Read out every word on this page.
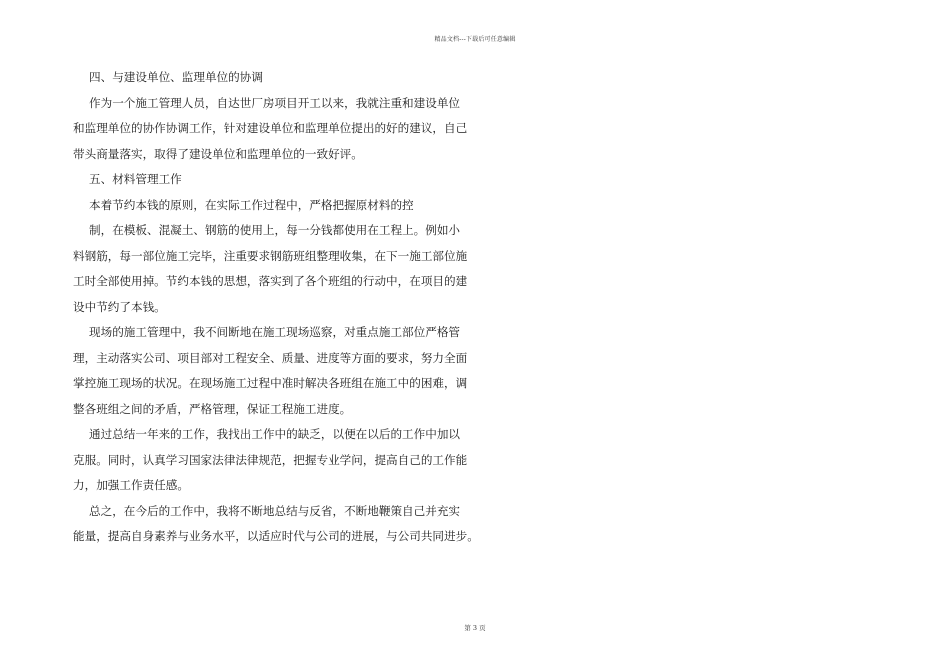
精品文档---下载后可任意编辑
四、与建设单位、监理单位的协调
作为一个施工管理人员，自达世厂房项目开工以来，我就注重和建设单位
和监理单位的协作协调工作，针对建设单位和监理单位提出的好的建议，自己
带头商量落实，取得了建设单位和监理单位的一致好评。
五、材料管理工作
本着节约本钱的原则，在实际工作过程中，严格把握原材料的控
制，在模板、混凝土、钢筋的使用上，每一分钱都使用在工程上。例如小
料钢筋，每一部位施工完毕，注重要求钢筋班组整理收集，在下一施工部位施
工时全部使用掉。节约本钱的思想，落实到了各个班组的行动中，在项目的建
设中节约了本钱。
现场的施工管理中，我不间断地在施工现场巡察，对重点施工部位严格管
理，主动落实公司、项目部对工程安全、质量、进度等方面的要求，努力全面
掌控施工现场的状况。在现场施工过程中准时解决各班组在施工中的困难，调
整各班组之间的矛盾，严格管理，保证工程施工进度。
通过总结一年来的工作，我找出工作中的缺乏，以便在以后的工作中加以
克服。同时，认真学习国家法律法律规范，把握专业学问，提高自己的工作能
力，加强工作责任感。
总之，在今后的工作中，我将不断地总结与反省，不断地鞭策自己并充实
能量，提高自身素养与业务水平，以适应时代与公司的进展，与公司共同进步。
第 3 页
